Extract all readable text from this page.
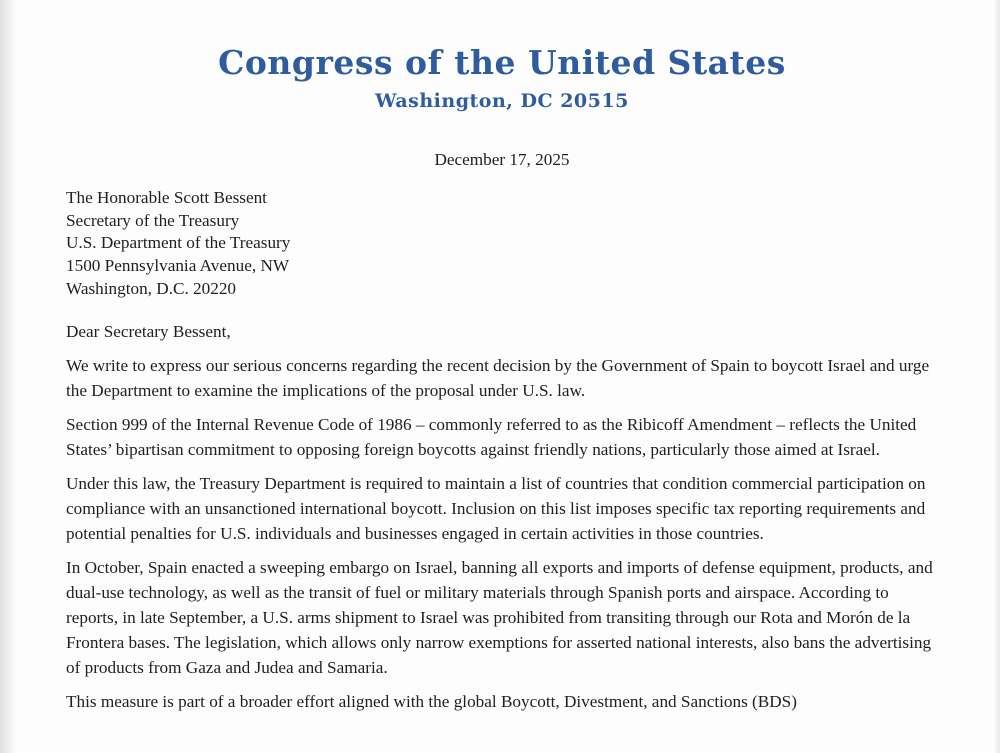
Congress of the United States
Washington, DC 20515
December 17, 2025
The Honorable Scott Bessent
Secretary of the Treasury
U.S. Department of the Treasury
1500 Pennsylvania Avenue, NW
Washington, D.C. 20220
Dear Secretary Bessent,

We write to express our serious concerns regarding the recent decision by the Government of Spain to boycott Israel and urge the Department to examine the implications of the proposal under U.S. law.

Section 999 of the Internal Revenue Code of 1986 – commonly referred to as the Ribicoff Amendment – reflects the United States’ bipartisan commitment to opposing foreign boycotts against friendly nations, particularly those aimed at Israel.

Under this law, the Treasury Department is required to maintain a list of countries that condition commercial participation on compliance with an unsanctioned international boycott. Inclusion on this list imposes specific tax reporting requirements and potential penalties for U.S. individuals and businesses engaged in certain activities in those countries.

In October, Spain enacted a sweeping embargo on Israel, banning all exports and imports of defense equipment, products, and dual-use technology, as well as the transit of fuel or military materials through Spanish ports and airspace. According to reports, in late September, a U.S. arms shipment to Israel was prohibited from transiting through our Rota and Morón de la Frontera bases. The legislation, which allows only narrow exemptions for asserted national interests, also bans the advertising of products from Gaza and Judea and Samaria.

This measure is part of a broader effort aligned with the global Boycott, Divestment, and Sanctions (BDS)
